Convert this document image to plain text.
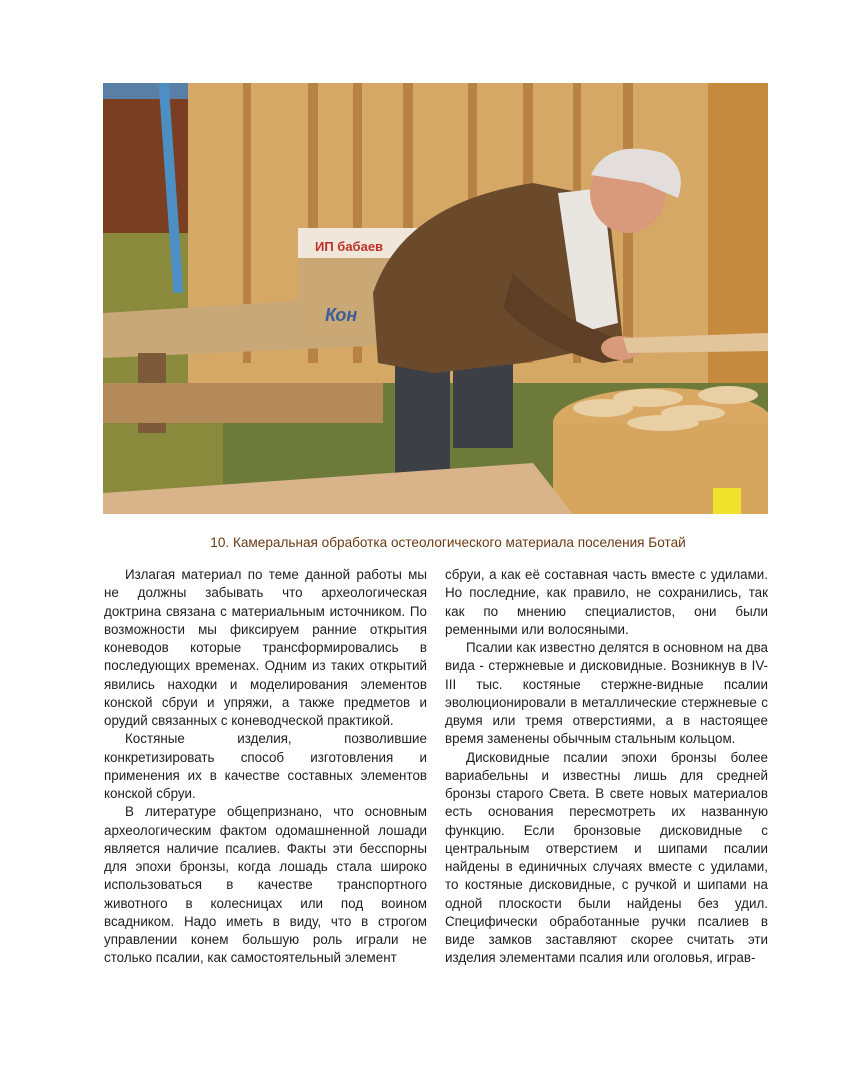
ИП бабаев
Кон
10. Камеральная обработка остеологического материала поселения Ботай

Излагая материал по теме данной работы мы не должны забывать что археологическая доктрина связана с материальным источником. По возможности мы фиксируем ранние открытия коневодов которые трансформировались в последующих временах. Одним из таких открытий явились находки и моделирования элементов конской сбруи и упряжи, а также предметов и орудий связанных с коневодческой практикой.

Костяные изделия, позволившие конкретизировать способ изготовления и применения их в качестве составных элементов конской сбруи.

В литературе общепризнано, что основным археологическим фактом одомашненной лошади является наличие псалиев. Факты эти бесспорны для эпохи бронзы, когда лошадь стала широко использоваться в качестве транспортного животного в колесницах или под воином всадником. Надо иметь в виду, что в строгом управлении конем большую роль играли не столько псалии, как самостоятельный элемент

сбруи, а как её составная часть вместе с удилами. Но последние, как правило, не сохранились, так как по мнению специалистов, они были ременными или волосяными.

Псалии как известно делятся в основном на два вида - стержневые и дисковидные. Возникнув в IV-III тыс. костяные стержне-видные псалии эволюционировали в металлические стержневые с двумя или тремя отверстиями, а в настоящее время заменены обычным стальным кольцом.

Дисковидные псалии эпохи бронзы более вариабельны и известны лишь для средней бронзы старого Света. В свете новых материалов есть основания пересмотреть их названную функцию. Если бронзовые дисковидные с центральным отверстием и шипами псалии найдены в единичных случаях вместе с удилами, то костяные дисковидные, с ручкой и шипами на одной плоскости были найдены без удил. Специфически обработанные ручки псалиев в виде замков заставляют скорее считать эти изделия элементами псалия или оголовья, играв-
